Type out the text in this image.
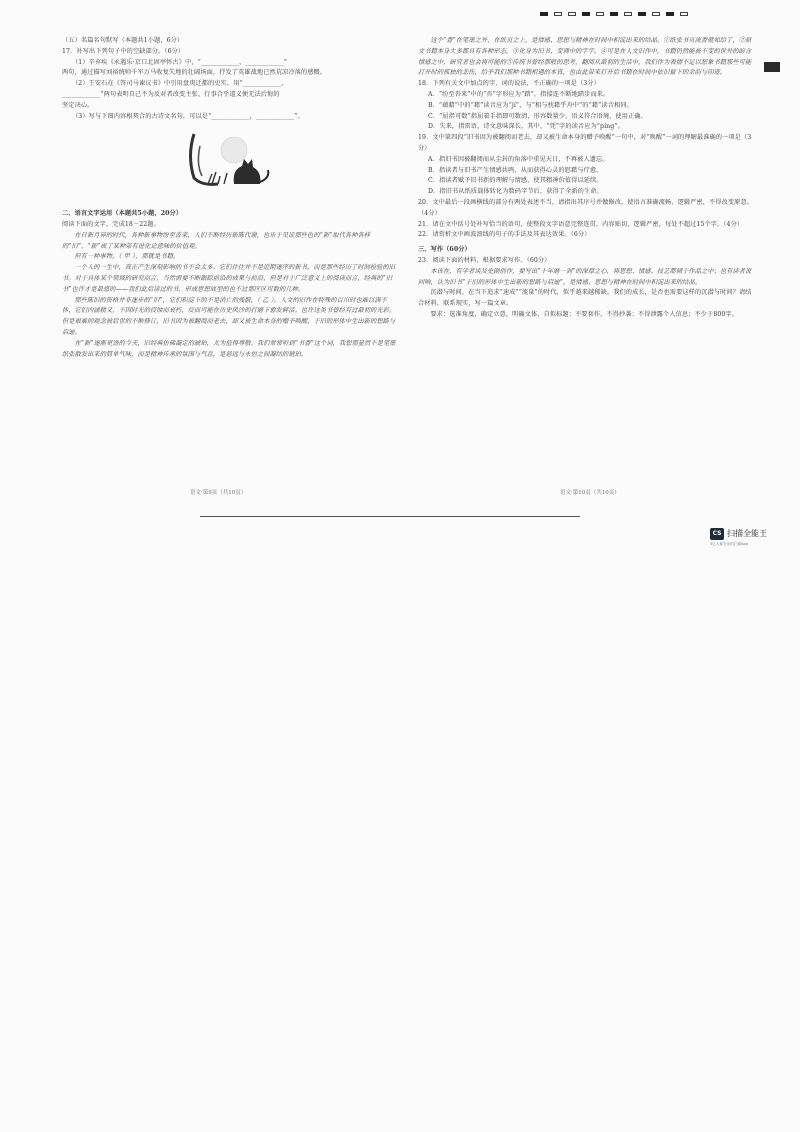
（五）名篇名句默写（本题共1小题，6分）

17．补写出下列句子中的空缺部分。（6分）

（1）辛弃疾《永遇乐·京口北固亭怀古》中，“____________，____________”

两句，通过描写刘裕统帅千军万马收复失地的壮阔场面，抒发了英雄战地已然荒凉冷落的感慨。

（2）王安石在《答司马谏议书》中引用盘庚迁都的史实，用“____________，

____________”两句表明自己不为反对者改变主张、行事合乎道义便无法后悔的

坚定决心。

（3）写与下图内容相契合的古诗文名句，可以是“____________，____________”。

二、语言文字运用（本题共5小题，20分）

阅读下面的文字，完成18－22题。

在日新月异的时代，各种新事物纷至沓来，人们不断经历新陈代谢，也乐于见证那些色的“新”取代各种各样的“旧”。“新”成了某种带有进化论意味的价值观。

但有一种事物，（ 甲 ），那就是书籍。

一个人的一生中，真正产生深刻影响的书不会太多。它们往往并不是近期逐序的新书，而是那些经历了时间检验的旧书。对于具体某个领域的研究而言，当然需要不断跟踪前沿的成果与前沿，但是对于广泛意义上的阅读而言，经典的“旧书”也许才是最悠的——我们此后读过的书，形成思想底型的也不过那区区可数的几种。

那些陈旧的资格并非逐步的“旧”，它们积淀下的不是消亡的残骸，（ 乙 ）。人文的旧作在特殊的百川时也难以满不休，它们内涵精义，不因时光的侵蚀而衰朽，反而可能在历史风沙的打磨下愈发鲜活。也许这类书曾经有过最初的光彩，但是艰难的观念被后世的不断修订，旧书因为被翻阅而老去，却又被生命本身的赠予唤醒，于旧的形体中生出新的想路与启迪。

在“新”逐渐更迭的今天，旧经典仿佛凝定的琥珀，尤为值得尊敬。我们常常听到“书香”这个词，我想那显然不是笔墨纸张散发出来的简单气味，而是精神传承的氛围与气息，是悬远与永恒之间凝结的琥珀。

语文·第9页（共10页）

这个“香”在笔墨之外，在纸页之上，是情感、思想与精神在时间中积淀出来的结晶。①纸张书页流香就如给了，②原文书籍本身大多都具有各种形态，③化身为旧书、变调中的字字。④可是在人文旧作中，书籍仍然能被不变的世外的暗含情感之中，研究者也会将可能的⑤传统书曾经那般的思考，翻阅从最初的生活中，我们作为表情不足以想象书籍那些可能打开时的孤独的悲伤，给予我们那种书籍相遇的本真，也由此带来打开后书籍在时间中依旧留下的余韵与印迹。

18．下列有关文中加点的字，词的说法，不正确的一项是（3分）

A．“纷至沓来”中的“沓”字形应为“踏”，指接连不断地踏步而来。

B．“蕴藉”中的“藉”读音应为“jí”，与“相与枕藉乎舟中”的“藉”读音相同。

C．“屈指可数”指屈着手指即可数清，形容数量少。语义符合语境，使用正确。

D．失来，指雷语，诗文意味深长，其中，“凭”字的读音应为“píng”。

19．文中第四段“旧书因为被翻阅而老去，却又被生命本身的赠予唤醒”一句中，对“唤醒”一词的理解最准确的一项是（3分）

A．指旧书因被翻阅而从尘封的角落中重见天日，不再被人遗忘。

B．指读者与旧书产生情感共鸣，从而获得心灵的慰藉与疗愈。

C．指读者赋予旧书新的理解与情感，使其精神价值得以延续。

D．指旧书从纸质载体转化为数码字节后，获得了全新的生命。

20．文中最后一段画横线的部分有两处表述不当，请指出其序号并做修改，使语言准确流畅，逻辑严密，不得改变原意。（4分）

21．请在文中括号处补写恰当的语句，使整段文字语意完整连贯，内容贴切，逻辑严密，每处不超过15个字。（4分）

22．请赏析文中画波浪线的句子的手法及其表达效果。（6分）

三、写作（60分）

23．阅读下面的材料，根据要求写作。（60分）

本该在，有学者谈及史剧创作，要写出“十年磨一剑”的深厚之心，将思想、情感、技艺都倾于作品之中；也有读者说回响，认为旧书“于旧的形体中生出新的想路与启迪”，是情感、思想与精神在时间中积淀出来的结晶。

沉潜与时间，在当下追求“速成”“流量”的时代，似乎越来越稀缺。我们的成长，是否也需要这样的沉潜与时间？请结合材料，联系现实，写一篇文章。

要求：选准角度，确定立意，明确文体，自拟标题；不要套作，不得抄袭；不得泄露个人信息；不少于800字。

语文·第10页（共10页）
CS 扫描全能王
3亿人都在用的扫描App
